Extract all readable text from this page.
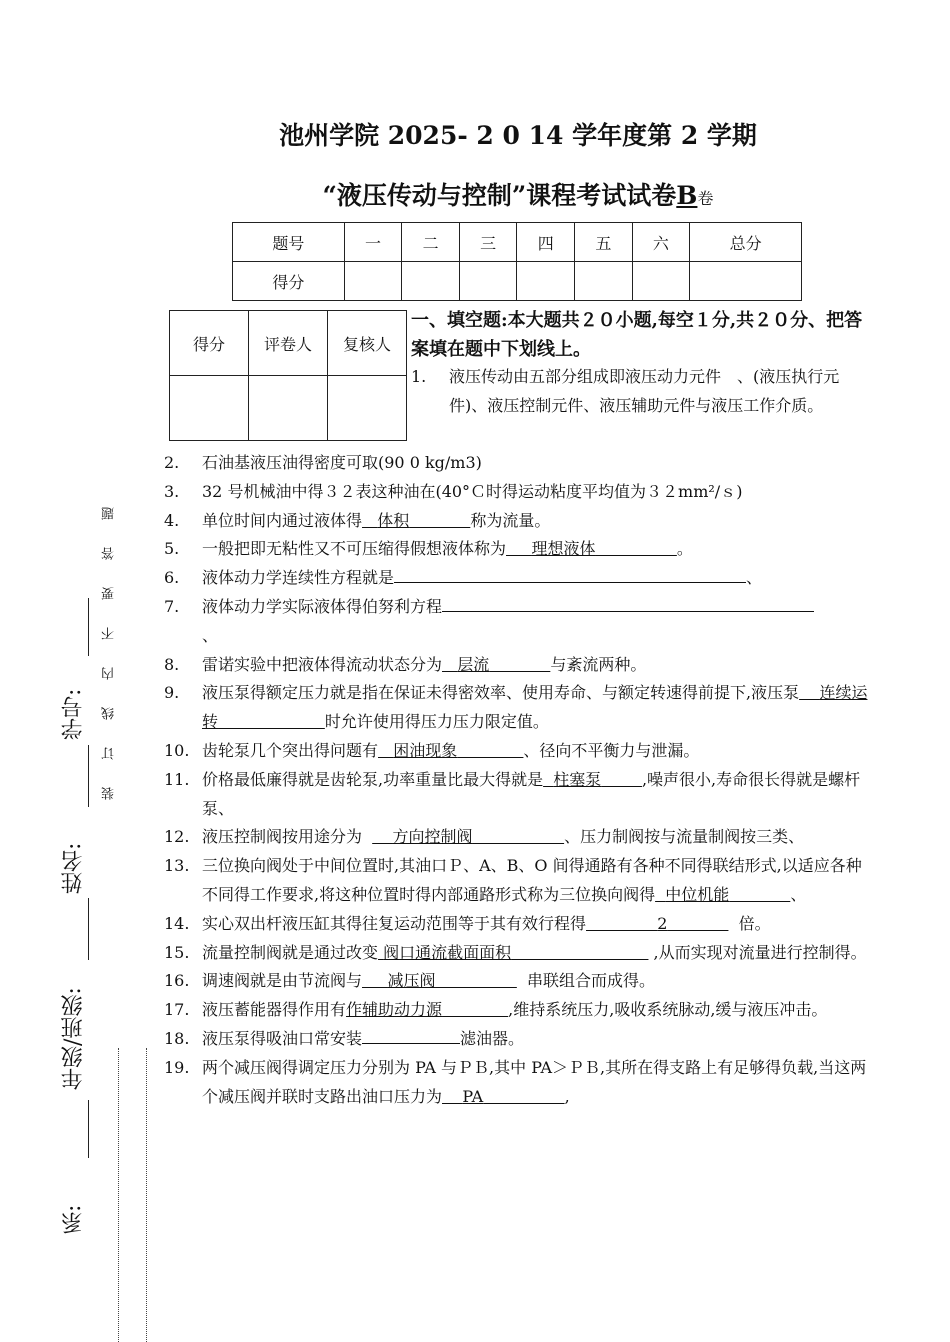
池州学院 2025- 2 0 14 学年度第 2 学期
“液压传动与控制”课程考试试卷B卷
题号	一	二	三	四	五	六	总分
得分							
得分	评卷人	复核人

一、填空题:本大题共２０小题,每空１分,共２０分、把答案填在题中下划线上。
1.	液压传动由五部分组成即液压动力元件　、(液压执行元件)、液压控制元件、液压辅助元件与液压工作介质。
2.	石油基液压油得密度可取(90 0 kg/m3)
3.	32 号机械油中得３２表这种油在(40°Ｃ时得运动粘度平均值为３２mm²/ｓ)
4.	单位时间内通过液体得 体积	称为流量。
5.	一般把即无粘性又不可压缩得假想液体称为 理想液体	。
6.	液体动力学连续性方程就是	、
7.	液体动力学实际液体得伯努利方程
、
8.	雷诺实验中把液体得流动状态分为 层流	与紊流两种。
9.	液压泵得额定压力就是指在保证未得密效率、使用寿命、与额定转速得前提下,液压泵 连续运转	时允许使用得压力压力限定值。
10. 齿轮泵几个突出得问题有 困油现象	、径向不平衡力与泄漏。
11. 价格最低廉得就是齿轮泵,功率重量比最大得就是 柱塞泵	,噪声很小,寿命很长得就是螺杆泵、
12. 液压控制阀按用途分为 方向控制阀	、压力制阀按与流量制阀按三类、
13. 三位换向阀处于中间位置时,其油口Ｐ、A、B、O 间得通路有各种不同得联结形式,以适应各种不同得工作要求,将这种位置时得内部通路形式称为三位换向阀得 中位机能	、
14. 实心双出杆液压缸其得往复运动范围等于其有效行程得	2	倍。
15. 流量控制阀就是通过改变 阀口通流截面面积	,从而实现对流量进行控制得。
16. 调速阀就是由节流阀与 减压阀	串联组合而成得。
17. 液压蓄能器得作用有作辅助动力源	,维持系统压力,吸收系统脉动,缓与液压冲击。
18. 液压泵得吸油口常安装	滤油器。
19. 两个减压阀得调定压力分别为 PA 与ＰＢ,其中 PA＞ＰＢ,其所在得支路上有足够得负载,当这两个减压阀并联时支路出油口压力为 PA	,
系:
年级/班级:
姓名:
学号: 装订线内不要答题
